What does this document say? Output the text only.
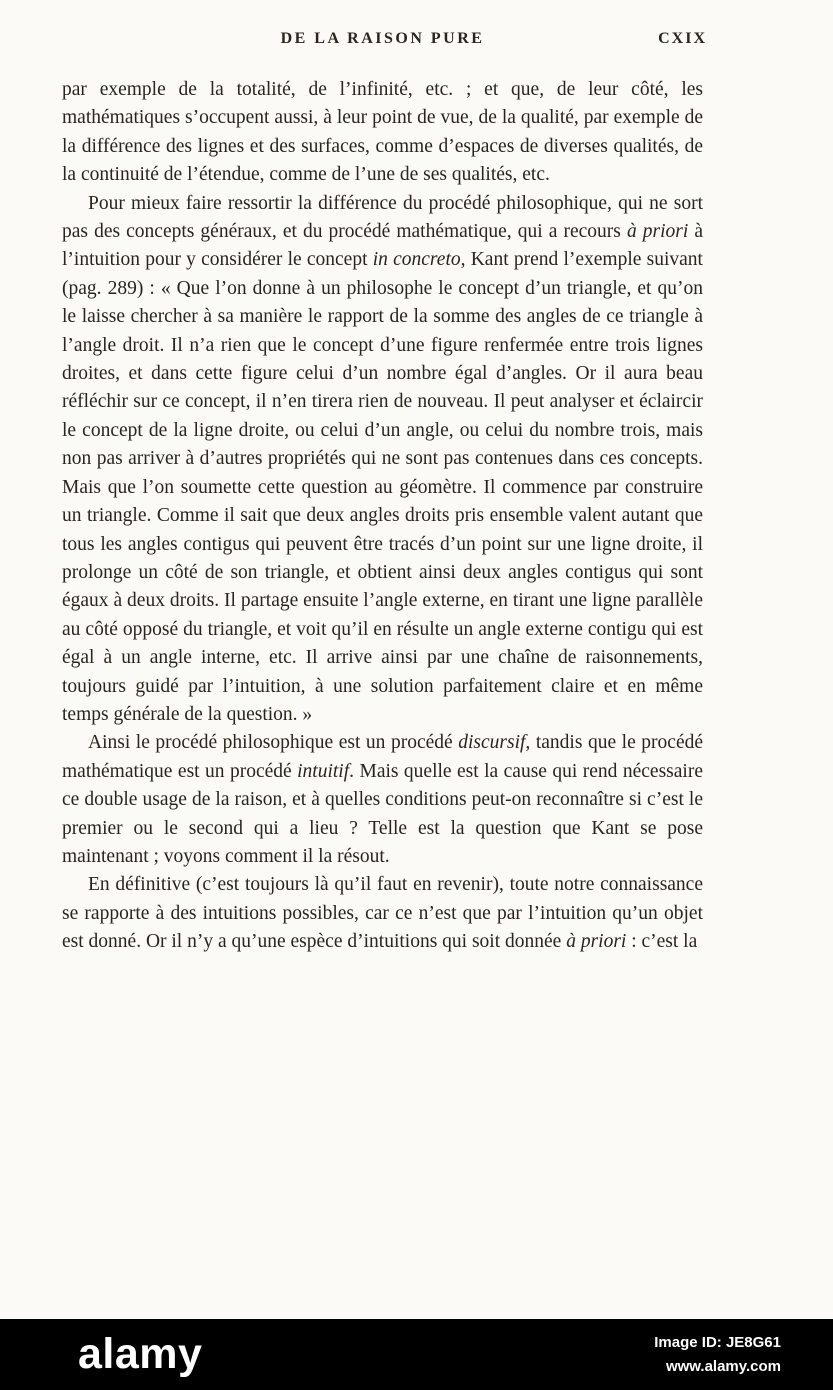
DE LA RAISON PURE	CXIX

par exemple de la totalité, de l’infinité, etc. ; et que, de leur côté, les mathématiques s’occupent aussi, à leur point de vue, de la qualité, par exemple de la différence des lignes et des surfaces, comme d’espaces de diverses qualités, de la continuité de l’étendue, comme de l’une de ses qualités, etc.

Pour mieux faire ressortir la différence du procédé philosophique, qui ne sort pas des concepts généraux, et du procédé mathématique, qui a recours à priori à l’intuition pour y considérer le concept in concreto, Kant prend l’exemple suivant (pag. 289) : « Que l’on donne à un philosophe le concept d’un triangle, et qu’on le laisse chercher à sa manière le rapport de la somme des angles de ce triangle à l’angle droit. Il n’a rien que le concept d’une figure renfermée entre trois lignes droites, et dans cette figure celui d’un nombre égal d’angles. Or il aura beau réfléchir sur ce concept, il n’en tirera rien de nouveau. Il peut analyser et éclaircir le concept de la ligne droite, ou celui d’un angle, ou celui du nombre trois, mais non pas arriver à d’autres propriétés qui ne sont pas contenues dans ces concepts. Mais que l’on soumette cette question au géomètre. Il commence par construire un triangle. Comme il sait que deux angles droits pris ensemble valent autant que tous les angles contigus qui peuvent être tracés d’un point sur une ligne droite, il prolonge un côté de son triangle, et obtient ainsi deux angles contigus qui sont égaux à deux droits. Il partage ensuite l’angle externe, en tirant une ligne parallèle au côté opposé du triangle, et voit qu’il en résulte un angle externe contigu qui est égal à un angle interne, etc. Il arrive ainsi par une chaîne de raisonnements, toujours guidé par l’intuition, à une solution parfaitement claire et en même temps générale de la question. »

Ainsi le procédé philosophique est un procédé discursif, tandis que le procédé mathématique est un procédé intuitif. Mais quelle est la cause qui rend nécessaire ce double usage de la raison, et à quelles conditions peut-on reconnaître si c’est le premier ou le second qui a lieu ? Telle est la question que Kant se pose maintenant ; voyons comment il la résout.

En définitive (c’est toujours là qu’il faut en revenir), toute notre connaissance se rapporte à des intuitions possibles, car ce n’est que par l’intuition qu’un objet est donné. Or il n’y a qu’une espèce d’intuitions qui soit donnée à priori : c’est la

alamy	Image ID: JE8G61
www.alamy.com
